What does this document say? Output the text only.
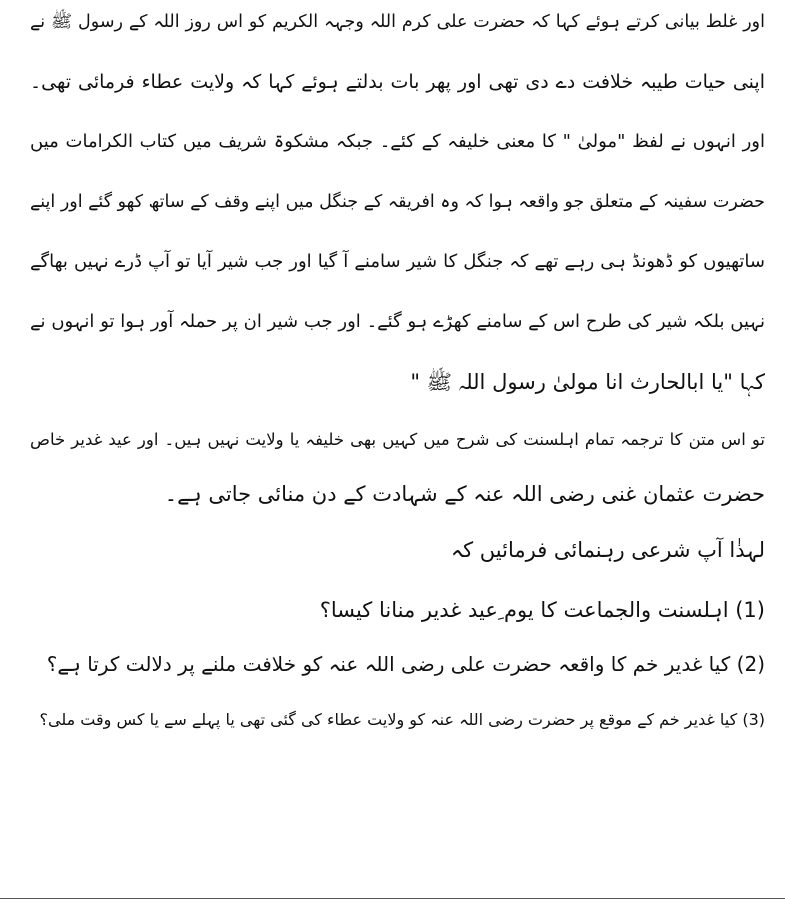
اور غلط بیانی کرتے ہوئے کہا کہ حضرت علی کرم اللہ وجہہ الکریم کو اس روز اللہ کے رسول ﷺ نے
اپنی حیات طیبہ خلافت دے دی تھی اور پھر بات بدلتے ہوئے کہا کہ ولایت عطاء فرمائی تھی۔
اور انہوں نے لفظ "مولیٰ " کا معنی خلیفہ کے کئے۔ جبکہ مشکوۃ شریف میں کتاب الکرامات میں
حضرت سفینہ کے متعلق جو واقعہ ہوا کہ وہ افریقہ کے جنگل میں اپنے وقف کے ساتھ کھو گئے اور اپنے
ساتھیوں کو ڈھونڈ ہی رہے تھے کہ جنگل کا شیر سامنے آ گیا اور جب شیر آیا تو آپ ڈرے نہیں بھاگے
نہیں بلکہ شیر کی طرح اس کے سامنے کھڑے ہو گئے۔ اور جب شیر ان پر حملہ آور ہوا تو انہوں نے
کہا "یا ابالحارث انا مولیٰ رسول اللہ ﷺ "
تو اس متن کا ترجمہ تمام اہلسنت کی شرح میں کہیں بھی خلیفہ یا ولایت نہیں ہیں۔ اور عید غدیر خاص
حضرت عثمان غنی رضی اللہ عنہ کے شہادت کے دن منائی جاتی ہے۔
لہذٰا آپ شرعی رہنمائی فرمائیں کہ
(1) اہلسنت والجماعت کا یوم ِعید غدیر منانا کیسا؟
(2) کیا غدیر خم کا واقعہ حضرت علی رضی اللہ عنہ کو خلافت ملنے پر دلالت کرتا ہے؟
(3) کیا غدیر خم کے موقع پر حضرت رضی اللہ عنہ کو ولایت عطاء کی گئی تھی یا پہلے سے یا کس وقت ملی؟
